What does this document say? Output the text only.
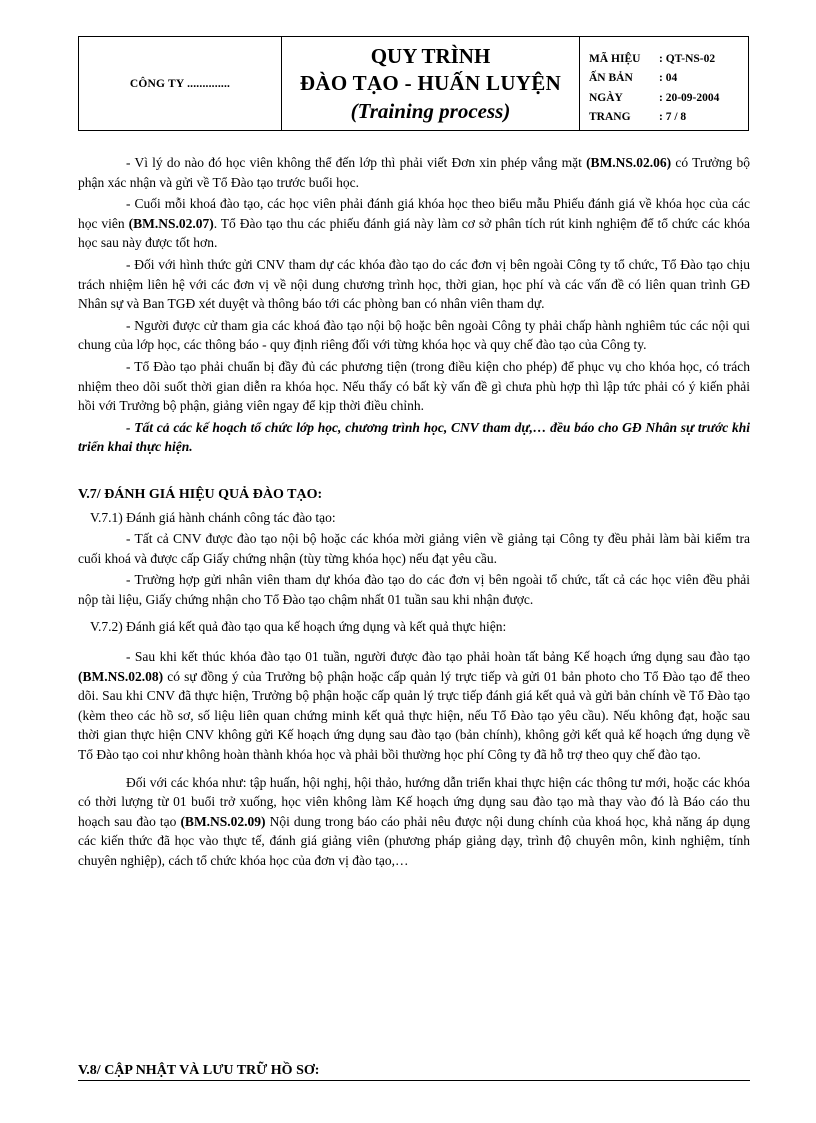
CÔNG TY ..............
QUY TRÌNH
ĐÀO TẠO - HUẤN LUYỆN
(Training process)
MÃ HIỆU	: QT-NS-02
ẤN BẢN	: 04
NGÀY	: 20-09-2004
TRANG	: 7 / 8

- Vì lý do nào đó học viên không thể đến lớp thì phải viết Đơn xin phép vắng mặt (BM.NS.02.06) có Trưởng bộ phận xác nhận và gửi về Tổ Đào tạo trước buổi học.

- Cuối mỗi khoá đào tạo, các học viên phải đánh giá khóa học theo biểu mẫu Phiếu đánh giá về khóa học của các học viên (BM.NS.02.07). Tổ Đào tạo thu các phiếu đánh giá này làm cơ sở phân tích rút kinh nghiệm để tổ chức các khóa học sau này được tốt hơn.

- Đối với hình thức gửi CNV tham dự các khóa đào tạo do các đơn vị bên ngoài Công ty tổ chức, Tổ Đào tạo chịu trách nhiệm liên hệ với các đơn vị về nội dung chương trình học, thời gian, học phí và các vấn đề có liên quan trình GĐ Nhân sự và Ban TGĐ xét duyệt và thông báo tới các phòng ban có nhân viên tham dự.

- Người được cử tham gia các khoá đào tạo nội bộ hoặc bên ngoài Công ty phải chấp hành nghiêm túc các nội qui chung của lớp học, các thông báo - quy định riêng đối với từng khóa học và quy chế đào tạo của Công ty.

- Tổ Đào tạo phải chuẩn bị đầy đủ các phương tiện (trong điều kiện cho phép) để phục vụ cho khóa học, có trách nhiệm theo dõi suốt thời gian diễn ra khóa học. Nếu thấy có bất kỳ vấn đề gì chưa phù hợp thì lập tức phải có ý kiến phải hồi với Trưởng bộ phận, giảng viên ngay để kịp thời điều chỉnh.

- Tất cả các kế hoạch tổ chức lớp học, chương trình học, CNV tham dự,… đều báo cho GĐ Nhân sự trước khi triển khai thực hiện.

V.7/ ĐÁNH GIÁ HIỆU QUẢ ĐÀO TẠO:

V.7.1) Đánh giá hành chánh công tác đào tạo:

- Tất cả CNV được đào tạo nội bộ hoặc các khóa mời giảng viên về giảng tại Công ty đều phải làm bài kiểm tra cuối khoá và được cấp Giấy chứng nhận (tùy từng khóa học) nếu đạt yêu cầu.

- Trường hợp gửi nhân viên tham dự khóa đào tạo do các đơn vị bên ngoài tổ chức, tất cả các học viên đều phải nộp tài liệu, Giấy chứng nhận cho Tổ Đào tạo chậm nhất 01 tuần sau khi nhận được.

V.7.2) Đánh giá kết quả đào tạo qua kế hoạch ứng dụng và kết quả thực hiện:

- Sau khi kết thúc khóa đào tạo 01 tuần, người được đào tạo phải hoàn tất bảng Kế hoạch ứng dụng sau đào tạo (BM.NS.02.08) có sự đồng ý của Trưởng bộ phận hoặc cấp quản lý trực tiếp và gửi 01 bản photo cho Tổ Đào tạo để theo dõi. Sau khi CNV đã thực hiện, Trưởng bộ phận hoặc cấp quản lý trực tiếp đánh giá kết quả và gửi bản chính về Tổ Đào tạo (kèm theo các hồ sơ, số liệu liên quan chứng minh kết quả thực hiện, nếu Tổ Đào tạo yêu cầu). Nếu không đạt, hoặc sau thời gian thực hiện CNV không gửi Kế hoạch ứng dụng sau đào tạo (bản chính), không gởi kết quả kế hoạch ứng dụng về Tổ Đào tạo coi như không hoàn thành khóa học và phải bồi thường học phí Công ty đã hỗ trợ theo quy chế đào tạo.

Đối với các khóa như: tập huấn, hội nghị, hội thảo, hướng dẫn triển khai thực hiện các thông tư mới, hoặc các khóa có thời lượng từ 01 buổi trở xuống, học viên không làm Kế hoạch ứng dụng sau đào tạo mà thay vào đó là Báo cáo thu hoạch sau đào tạo (BM.NS.02.09) Nội dung trong báo cáo phải nêu được nội dung chính của khoá học, khả năng áp dụng các kiến thức đã học vào thực tế, đánh giá giảng viên (phương pháp giảng dạy, trình độ chuyên môn, kinh nghiệm, tính chuyên nghiệp), cách tổ chức khóa học của đơn vị đào tạo,…

V.8/ CẬP NHẬT VÀ LƯU TRỮ HỒ SƠ:
